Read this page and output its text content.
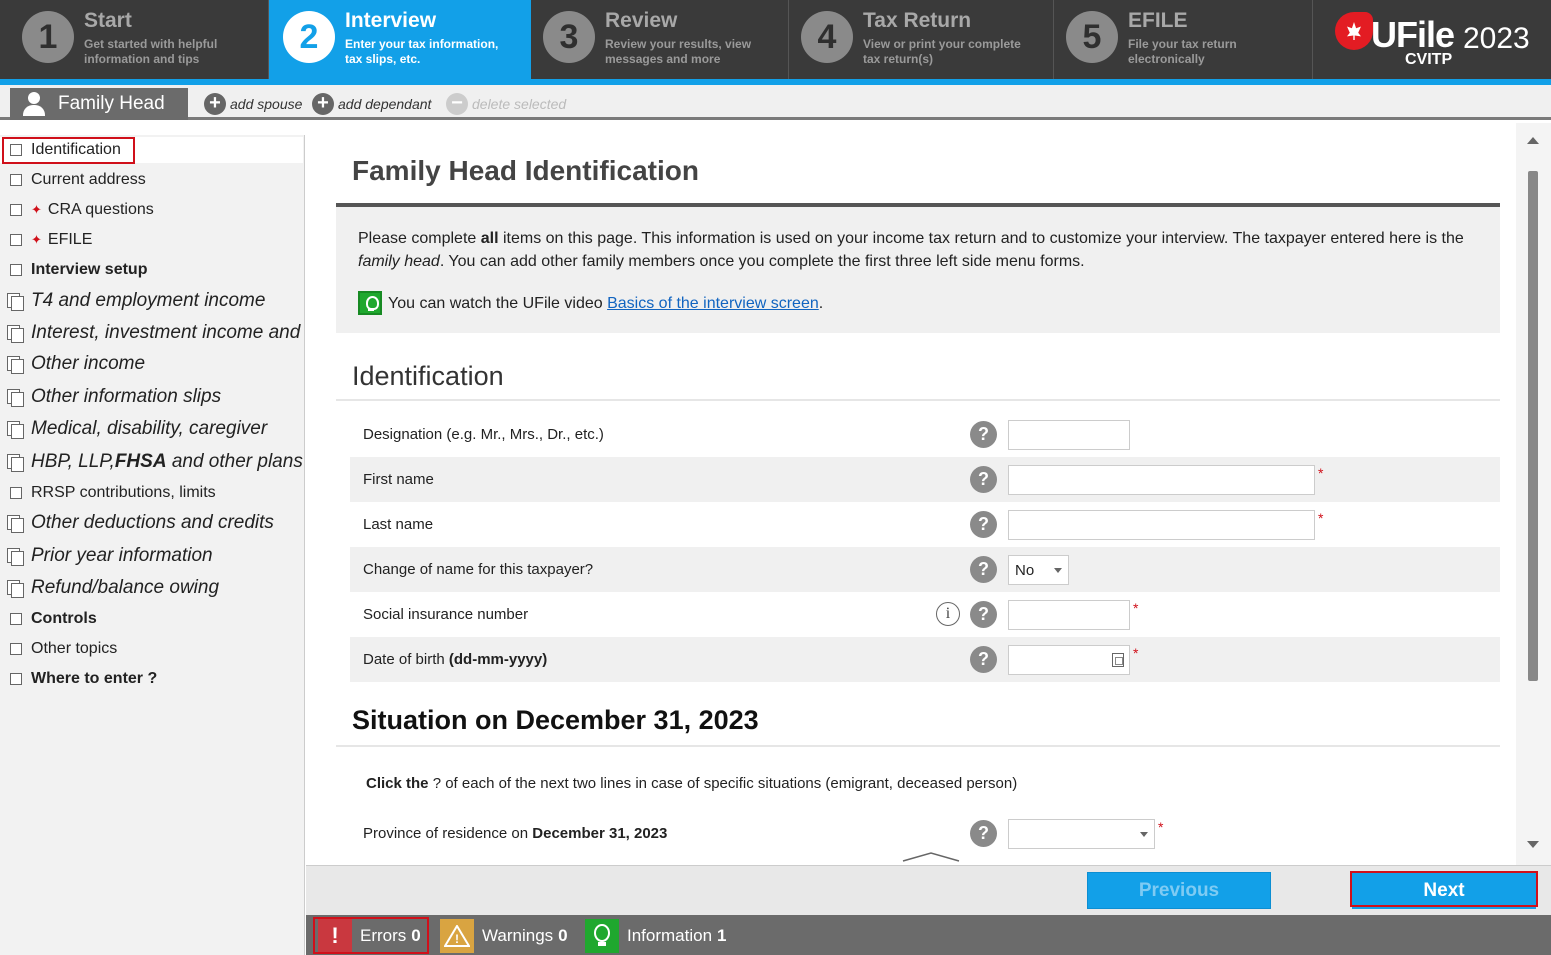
1	Start
Get started with helpful
information and tips
2	Interview
Enter your tax information,
tax slips, etc.
3	Review
Review your results, view
messages and more
4	Tax Return
View or print your complete
tax return(s)
5	EFILE
File your tax return
electronically
UFile 2023
CVITP
Family Head + add spouse + add dependant − delete selected
Identification
Current address
✦ CRA questions
✦ EFILE
Interview setup
T4 and employment income
Interest, investment income and
Other income
Other information slips
Medical, disability, caregiver
HBP, LLP, FHSA and other plans
RRSP contributions, limits
Other deductions and credits
Prior year information
Refund/balance owing
Controls
Other topics
Where to enter ?
Family Head Identification
Please complete all items on this page. This information is used on your income tax return and to customize your interview. The taxpayer entered here is the family head. You can add other family members once you complete the first three left side menu forms.
You can watch the UFile video Basics of the interview screen .
Identification
Designation (e.g. Mr., Mrs., Dr., etc.)	?
First name	?	*
Last name	?	*
Change of name for this taxpayer?	?	No
Social insurance number	i	?	*
Date of birth (dd-mm-yyyy)	?	*
Situation on December 31, 2023
Click the ? of each of the next two lines in case of specific situations (emigrant, deceased person)
Province of residence on December 31, 2023	?	*
Previous	Next
!	Errors 0	! Warnings 0	Information 1
